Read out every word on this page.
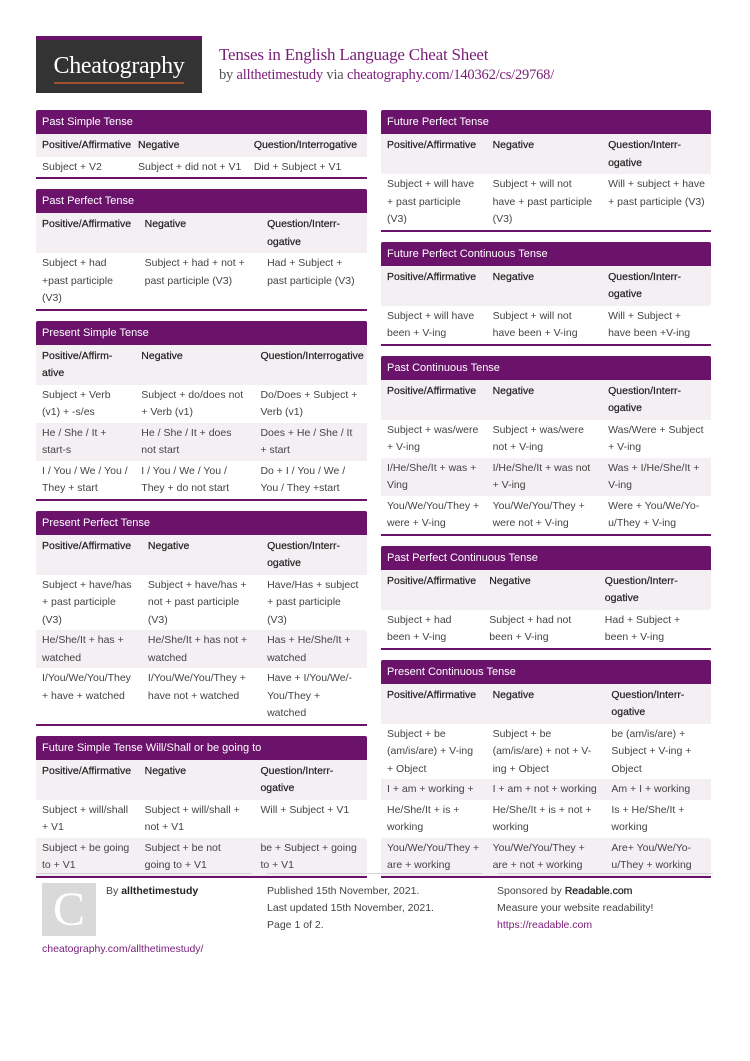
Cheatography	Tenses in English Language Cheat Sheet
by allthetimestudy via cheatography.com/140362/cs/29768/
Past Simple Tense
Positive/Affirmative	Negative	Question/Interrogative
Subject + V2	Subject + did not + V1	Did + Subject + V1
Past Perfect Tense
Positive/Affirmative	Negative	Question/Interrogative
Subject + had +past participle (V3)	Subject + had + not + past participle (V3)	Had + Subject + past participle (V3)
Present Simple Tense
Positive/Affirmative	Negative	Question/Interrogative
Subject + Verb (v1) + -s/es	Subject + do/does not + Verb (v1)	Do/Does + Subject + Verb (v1)
He / She / It + start-s	He / She / It + does not start	Does + He / She / It + start
I / You / We / You / They + start	I / You / We / You / They + do not start	Do + I / You / We / You / They +start
Present Perfect Tense
Positive/Affirmative	Negative	Question/Interrogative
Subject + have/has + past participle (V3)	Subject + have/has + not + past participle (V3)	Have/Has + subject + past participle (V3)
He/She/It + has + watched	He/She/It + has not + watched	Has + He/She/It + watched
I/You/We/You/They + have + watched	I/You/We/You/They + have not + watched	Have + I/You/We/You/They + watched
Future Simple Tense Will/Shall or be going to
Positive/Affirmative	Negative	Question/Interrogative
Subject + will/shall + V1	Subject + will/shall + not + V1	Will + Subject + V1
Subject + be going to + V1	Subject + be not going to + V1	be + Subject + going to + V1
Future Perfect Tense
Positive/Affirmative	Negative	Question/Interrogative
Subject + will have + past participle (V3)	Subject + will not have + past participle (V3)	Will + subject + have + past participle (V3)
Future Perfect Continuous Tense
Positive/Affirmative	Negative	Question/Interrogative
Subject + will have been + V-ing	Subject + will not have been + V-ing	Will + Subject + have been +V-ing
Past Continuous Tense
Positive/Affirmative	Negative	Question/Interrogative
Subject + was/were + V-ing	Subject + was/were not + V-ing	Was/Were + Subject + V-ing
I/He/She/It + was + Ving	I/He/She/It + was not + V-ing	Was + I/He/She/It + V-ing
You/We/You/They + were + V-ing	You/We/You/They + were not + V-ing	Were + You/We/You/They + V-ing
Past Perfect Continuous Tense
Positive/Affirmative	Negative	Question/Interrogative
Subject + had been + V-ing	Subject + had not been + V-ing	Had + Subject + been + V-ing
Present Continuous Tense
Positive/Affirmative	Negative	Question/Interrogative
Subject + be (am/is/are) + V-ing + Object	Subject + be (am/is/are) + not + V-ing + Object	be (am/is/are) + Subject + V-ing + Object
I + am + working +	I + am + not + working	Am + I + working
He/She/It + is + working	He/She/It + is + not + working	Is + He/She/It + working
You/We/You/They + are + working	You/We/You/They + are + not + working	Are+ You/We/You/They + working
C	By allthetimestudy
cheatography.com/allthetimestudy/
Published 15th November, 2021.
Last updated 15th November, 2021.
Page 1 of 2.
Sponsored by Readable.com
Measure your website readability!
https://readable.com
